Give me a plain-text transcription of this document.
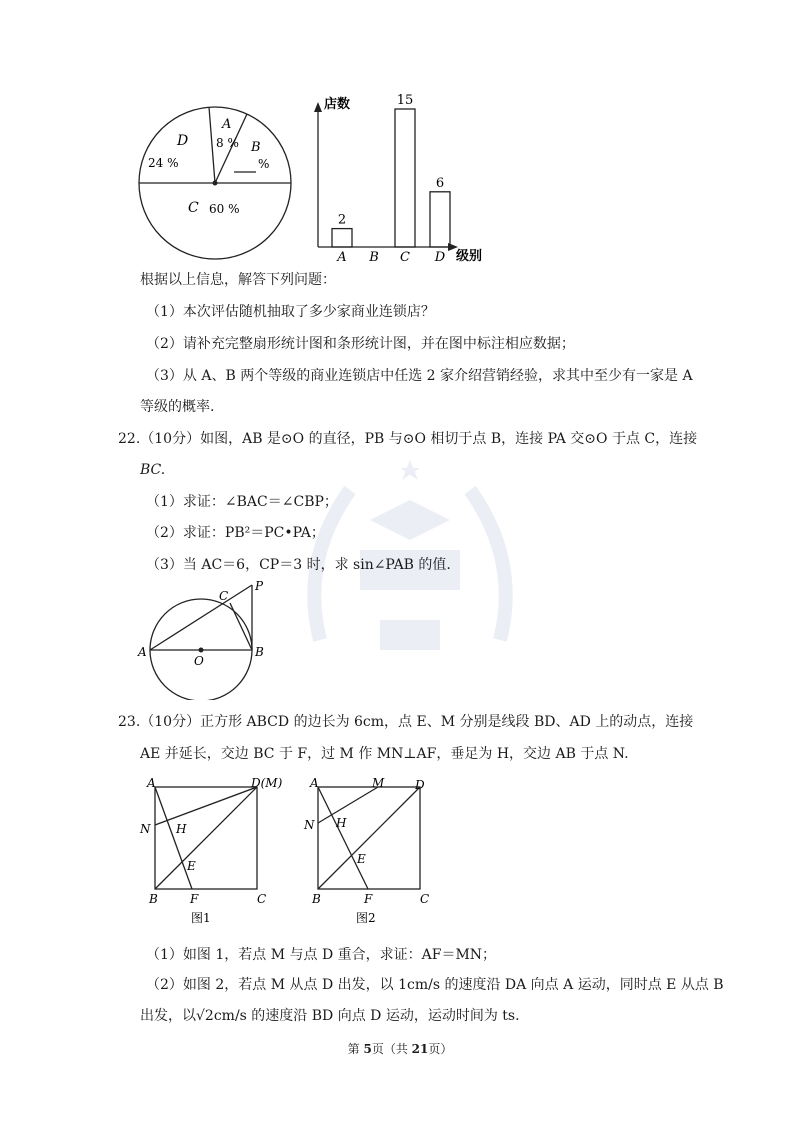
A
8 % B
%
D
24 %
C 60 %
店数
级别
2
A B
15
C
6
D
根据以上信息，解答下列问题：
（1）本次评估随机抽取了多少家商业连锁店？
（2）请补充完整扇形统计图和条形统计图，并在图中标注相应数据；
（3）从 A、B 两个等级的商业连锁店中任选 2 家介绍营销经验，求其中至少有一家是 A
等级的概率.
22.（10分）如图，AB 是⊙O 的直径，PB 与⊙O 相切于点 B，连接 PA 交⊙O 于点 C，连接
BC.
（1）求证：∠BAC＝∠CBP；
（2）求证：PB²＝PC•PA；
（3）当 AC＝6，CP＝3 时，求 sin∠PAB 的值.
A	B
C
P
O
23.（10分）正方形 ABCD 的边长为 6cm，点 E、M 分别是线段 BD、AD 上的动点，连接
AE 并延长，交边 BC 于 F，过 M 作 MN⊥AF，垂足为 H，交边 AB 于点 N.
A	D(M)
N H
E
B	F	C
图1
A	M	D
N H
E
B	F	C
图2
（1）如图 1，若点 M 与点 D 重合，求证：AF＝MN；
（2）如图 2，若点 M 从点 D 出发，以 1cm/s 的速度沿 DA 向点 A 运动，同时点 E 从点 B
出发，以√2cm/s 的速度沿 BD 向点 D 运动，运动时间为 ts.
第 5页（共 21页）
